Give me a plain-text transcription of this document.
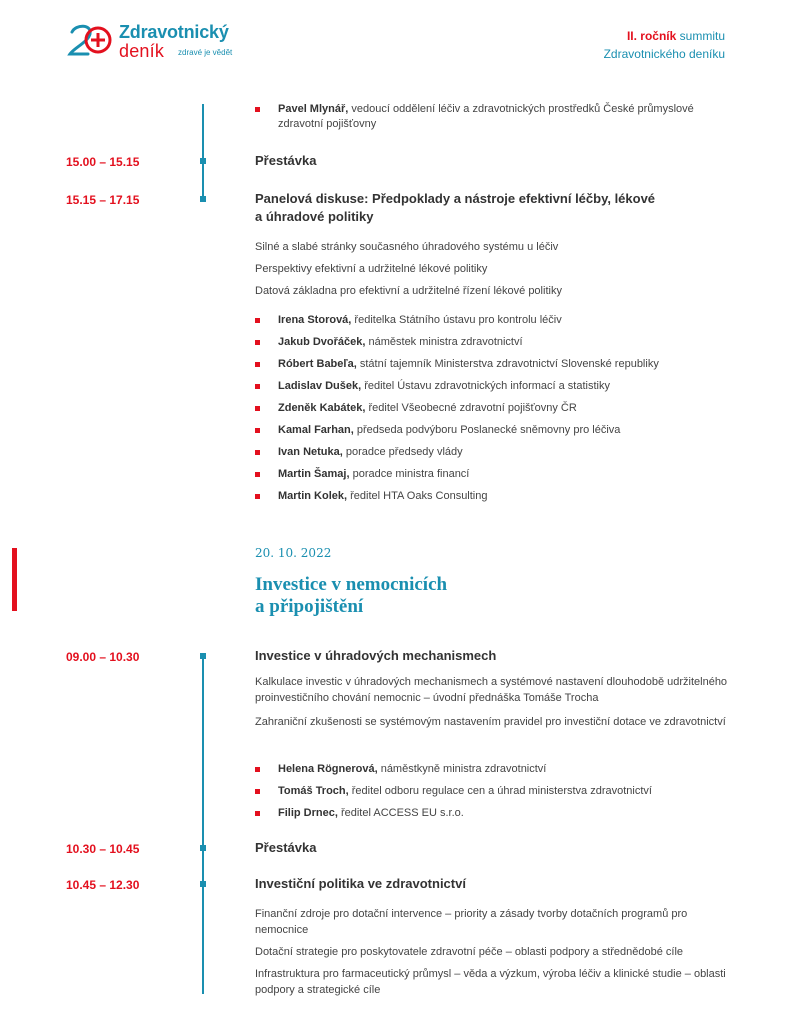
Zdravotnický
deník zdravé je vědět
II. ročník summitu
Zdravotnického deníku
Pavel Mlynář, vedoucí oddělení léčiv a zdravotnických prostředků České průmyslové zdravotní pojišťovny
15.00 – 15.15	Přestávka
15.15 – 17.15	Panelová diskuse: Předpoklady a nástroje efektivní léčby, lékové
a úhradové politiky
Silné a slabé stránky současného úhradového systému u léčiv
Perspektivy efektivní a udržitelné lékové politiky
Datová základna pro efektivní a udržitelné řízení lékové politiky
Irena Storová, ředitelka Státního ústavu pro kontrolu léčiv
Jakub Dvořáček, náměstek ministra zdravotnictví
Róbert Babeľa, státní tajemník Ministerstva zdravotnictví Slovenské republiky
Ladislav Dušek, ředitel Ústavu zdravotnických informací a statistiky
Zdeněk Kabátek, ředitel Všeobecné zdravotní pojišťovny ČR
Kamal Farhan, předseda podvýboru Poslanecké sněmovny pro léčiva
Ivan Netuka, poradce předsedy vlády
Martin Šamaj, poradce ministra financí
Martin Kolek, ředitel HTA Oaks Consulting
20. 10. 2022
Investice v nemocnicích
a připojištění
09.00 – 10.30	Investice v úhradových mechanismech
Kalkulace investic v úhradových mechanismech a systémové nastavení dlouhodobě udržitelného proinvestičního chování nemocnic – úvodní přednáška Tomáše Trocha
Zahraniční zkušenosti se systémovým nastavením pravidel pro investiční dotace ve zdravotnictví
Helena Rögnerová, náměstkyně ministra zdravotnictví
Tomáš Troch, ředitel odboru regulace cen a úhrad ministerstva zdravotnictví
Filip Drnec, ředitel ACCESS EU s.r.o.
10.30 – 10.45	Přestávka
10.45 – 12.30	Investiční politika ve zdravotnictví
Finanční zdroje pro dotační intervence – priority a zásady tvorby dotačních programů pro nemocnice
Dotační strategie pro poskytovatele zdravotní péče – oblasti podpory a střednědobé cíle
Infrastruktura pro farmaceutický průmysl – věda a výzkum, výroba léčiv a klinické studie – oblasti podpory a strategické cíle
